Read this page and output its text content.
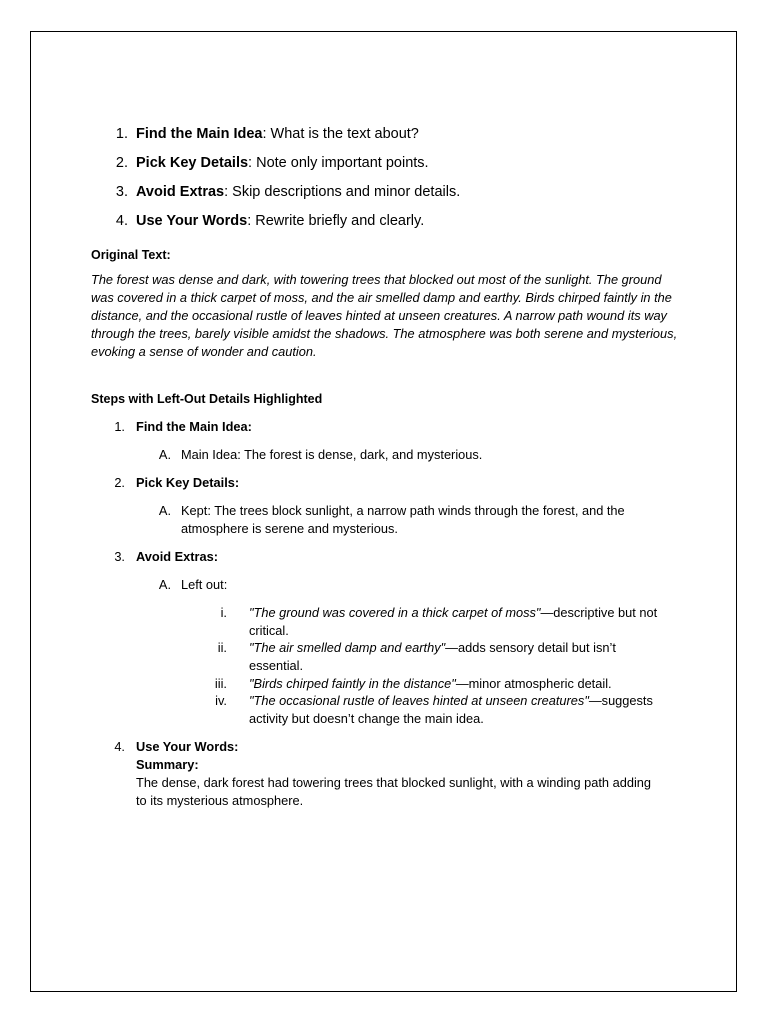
1. Find the Main Idea: What is the text about?
2. Pick Key Details: Note only important points.
3. Avoid Extras: Skip descriptions and minor details.
4. Use Your Words: Rewrite briefly and clearly.
Original Text:
The forest was dense and dark, with towering trees that blocked out most of the sunlight. The ground was covered in a thick carpet of moss, and the air smelled damp and earthy. Birds chirped faintly in the distance, and the occasional rustle of leaves hinted at unseen creatures. A narrow path wound its way through the trees, barely visible amidst the shadows. The atmosphere was both serene and mysterious, evoking a sense of wonder and caution.
Steps with Left-Out Details Highlighted
1. Find the Main Idea:
A. Main Idea: The forest is dense, dark, and mysterious.
2. Pick Key Details:
A. Kept: The trees block sunlight, a narrow path winds through the forest, and the atmosphere is serene and mysterious.
3. Avoid Extras:
A. Left out:
i. "The ground was covered in a thick carpet of moss"—descriptive but not critical.
ii. "The air smelled damp and earthy"—adds sensory detail but isn’t essential.
iii. "Birds chirped faintly in the distance"—minor atmospheric detail.
iv. "The occasional rustle of leaves hinted at unseen creatures"—suggests activity but doesn’t change the main idea.
4. Use Your Words:
Summary:
The dense, dark forest had towering trees that blocked sunlight, with a winding path adding to its mysterious atmosphere.
